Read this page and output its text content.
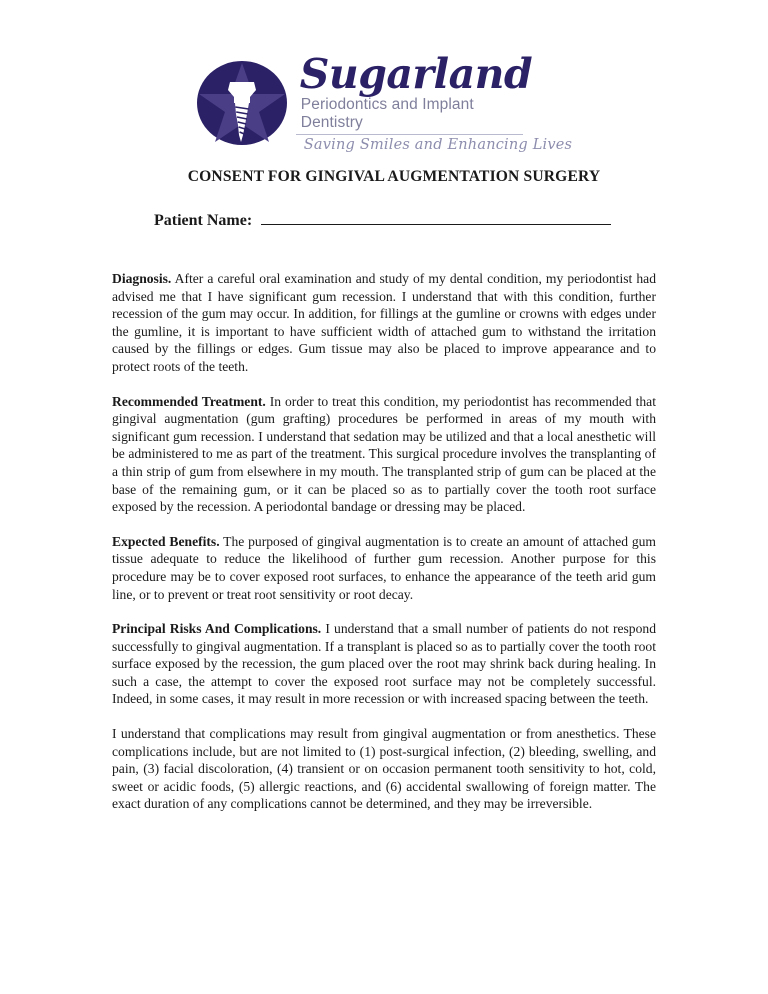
Sugarland
Periodontics and Implant Dentistry
Saving Smiles and Enhancing Lives
CONSENT FOR GINGIVAL AUGMENTATION SURGERY
Patient Name:

Diagnosis. After a careful oral examination and study of my dental condition, my periodontist had advised me that I have significant gum recession. I understand that with this condition, further recession of the gum may occur. In addition, for fillings at the gumline or crowns with edges under the gumline, it is important to have sufficient width of attached gum to withstand the irritation caused by the fillings or edges. Gum tissue may also be placed to improve appearance and to protect roots of the teeth.

Recommended Treatment. In order to treat this condition, my periodontist has recommended that gingival augmentation (gum grafting) procedures be performed in areas of my mouth with significant gum recession. I understand that sedation may be utilized and that a local anesthetic will be administered to me as part of the treatment. This surgical procedure involves the transplanting of a thin strip of gum from elsewhere in my mouth. The transplanted strip of gum can be placed at the base of the remaining gum, or it can be placed so as to partially cover the tooth root surface exposed by the recession. A periodontal bandage or dressing may be placed.

Expected Benefits. The purposed of gingival augmentation is to create an amount of attached gum tissue adequate to reduce the likelihood of further gum recession. Another purpose for this procedure may be to cover exposed root surfaces, to enhance the appearance of the teeth arid gum line, or to prevent or treat root sensitivity or root decay.

Principal Risks And Complications. I understand that a small number of patients do not respond successfully to gingival augmentation. If a transplant is placed so as to partially cover the tooth root surface exposed by the recession, the gum placed over the root may shrink back during healing. In such a case, the attempt to cover the exposed root surface may not be completely successful. Indeed, in some cases, it may result in more recession or with increased spacing between the teeth.

I understand that complications may result from gingival augmentation or from anesthetics. These complications include, but are not limited to (1) post-surgical infection, (2) bleeding, swelling, and pain, (3) facial discoloration, (4) transient or on occasion permanent tooth sensitivity to hot, cold, sweet or acidic foods, (5) allergic reactions, and (6) accidental swallowing of foreign matter. The exact duration of any complications cannot be determined, and they may be irreversible.
